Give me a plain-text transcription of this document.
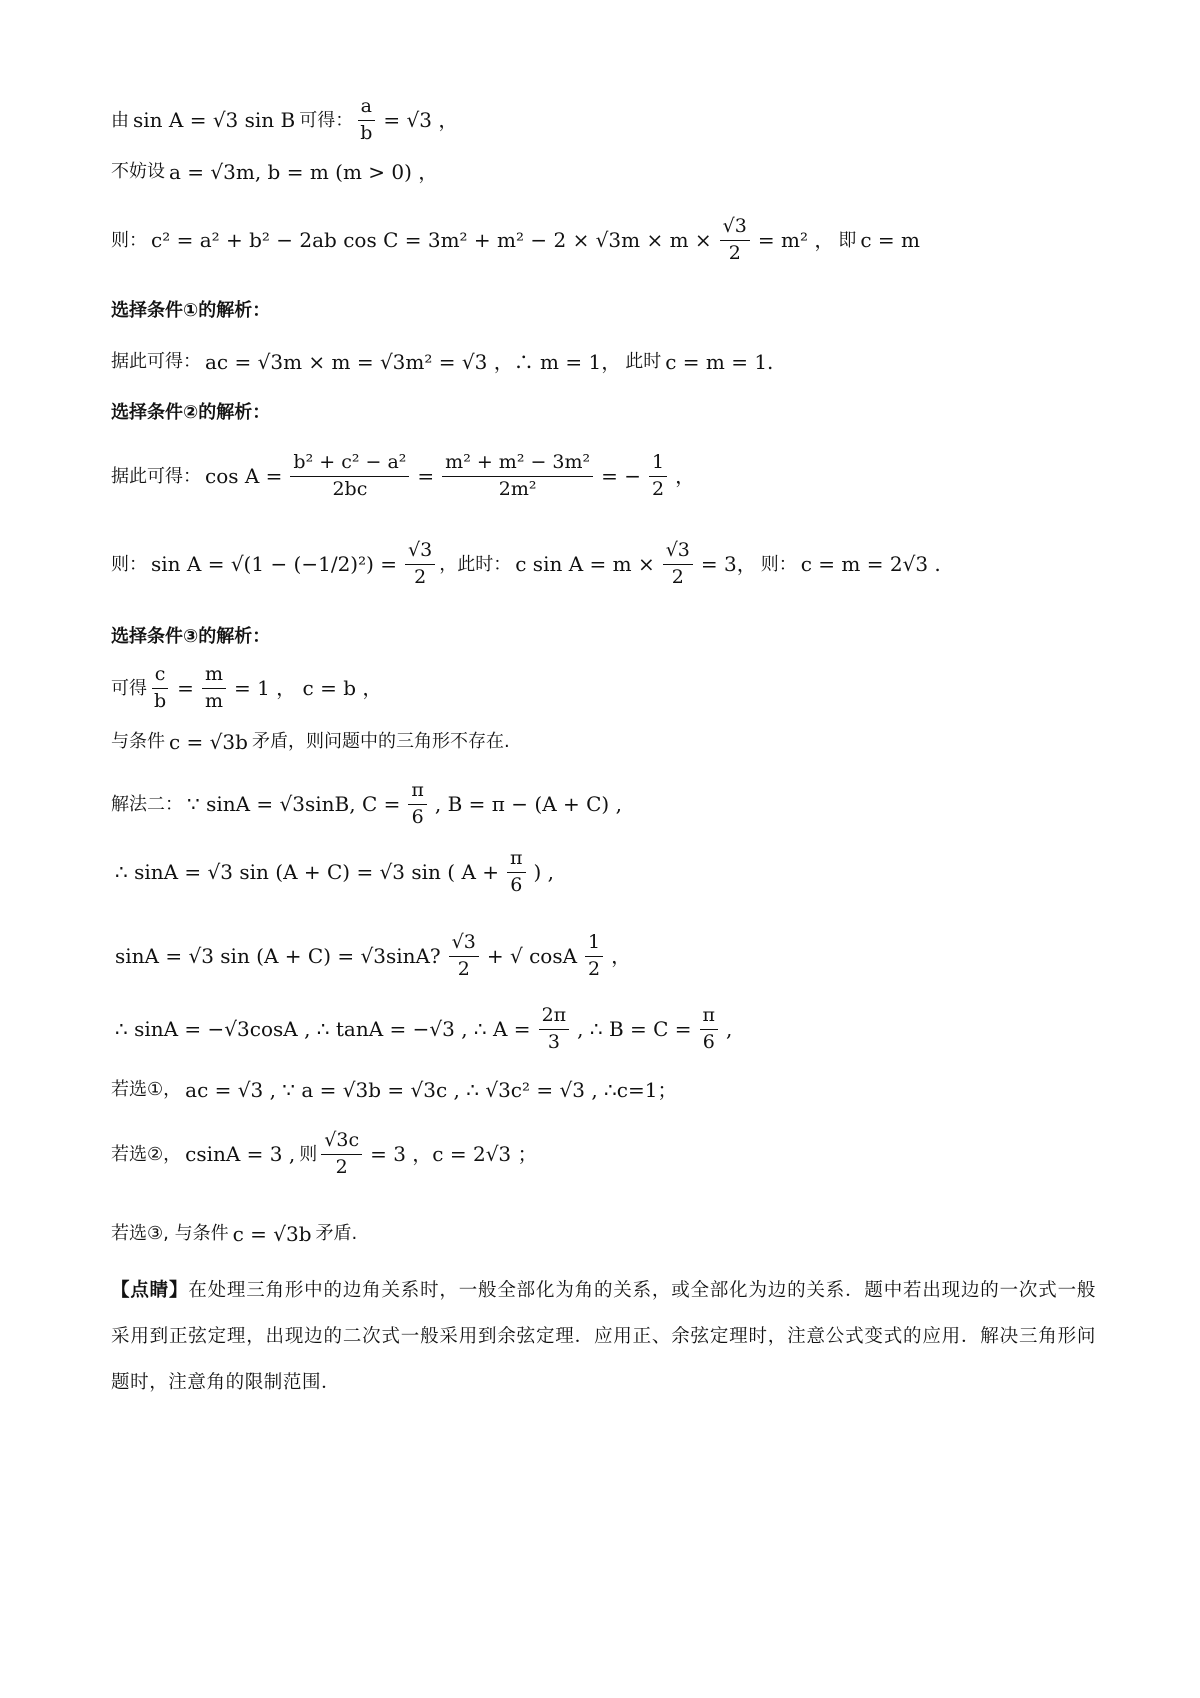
由 sin A = √3 sin B 可得： $\frac{a}{b} = √3$ ，
不妨设 a = √3m, b = m (m > 0) ，
则： c² = a² + b² − 2ab $\cos C = 3m^2 + m^2 - 2 \times √3m \times m \times \frac{√3}{2} = m^2$ ， 即 c = m
选择条件①的解析：
据此可得： ac = √3m × m = √3m² = √3 ，∴ m = 1， 此时 c = m = 1.
选择条件②的解析：
据此可得： $\cos A = \frac{\text{b² + c² − a²}}{2bc} = \frac{\text{m² + m² − 3m²}}{\text{2m²}}$ = − $\frac{1}{2}$ ，
则： $\sin A = √(1 - (-1/2)^2) = \frac{√3}{2}$ ，此时： c $\sin A = m \times \frac{√3}{2} = 3$， 则： c = m = 2√3 .
选择条件③的解析：
可得 $\frac{c}{b} = \frac{m}{m} = 1$ ， c = b ，
与条件 c = √3b 矛盾，则问题中的三角形不存在.
解法二： ∵ sinA = √3sinB, $C = \frac{\pi}{6}$ , B = π − (A + C) ,
∴ sinA = √3 sin (A + C) = √3 sin ( $A + \frac{\pi}{6}$ ) ,
sinA = √3 sin (A + C) = √3sinA? $\frac{√3}{2}$ + √ cosA $\frac{1}{2}$ ，
∴ sinA = −√3cosA , ∴ tanA = −√3 , ∴ $A = \frac{2\pi}{3}$ , ∴ $B = C = \frac{\pi}{6}$ ,
若选①， ac = √3 , ∵ a = √3b = √3c , ∴ √3c² = √3 , ∴c=1；
若选②， csinA = 3 , 则 $\frac{√3c}{2} = 3$ ，c = 2√3 ；
若选③, 与条件 c = √3b 矛盾.
【点睛】在处理三角形中的边角关系时，一般全部化为角的关系，或全部化为边的关系．题中若出现边的一次式一般采用到正弦定理，出现边的二次式一般采用到余弦定理．应用正、余弦定理时，注意公式变式的应用．解决三角形问题时，注意角的限制范围．
